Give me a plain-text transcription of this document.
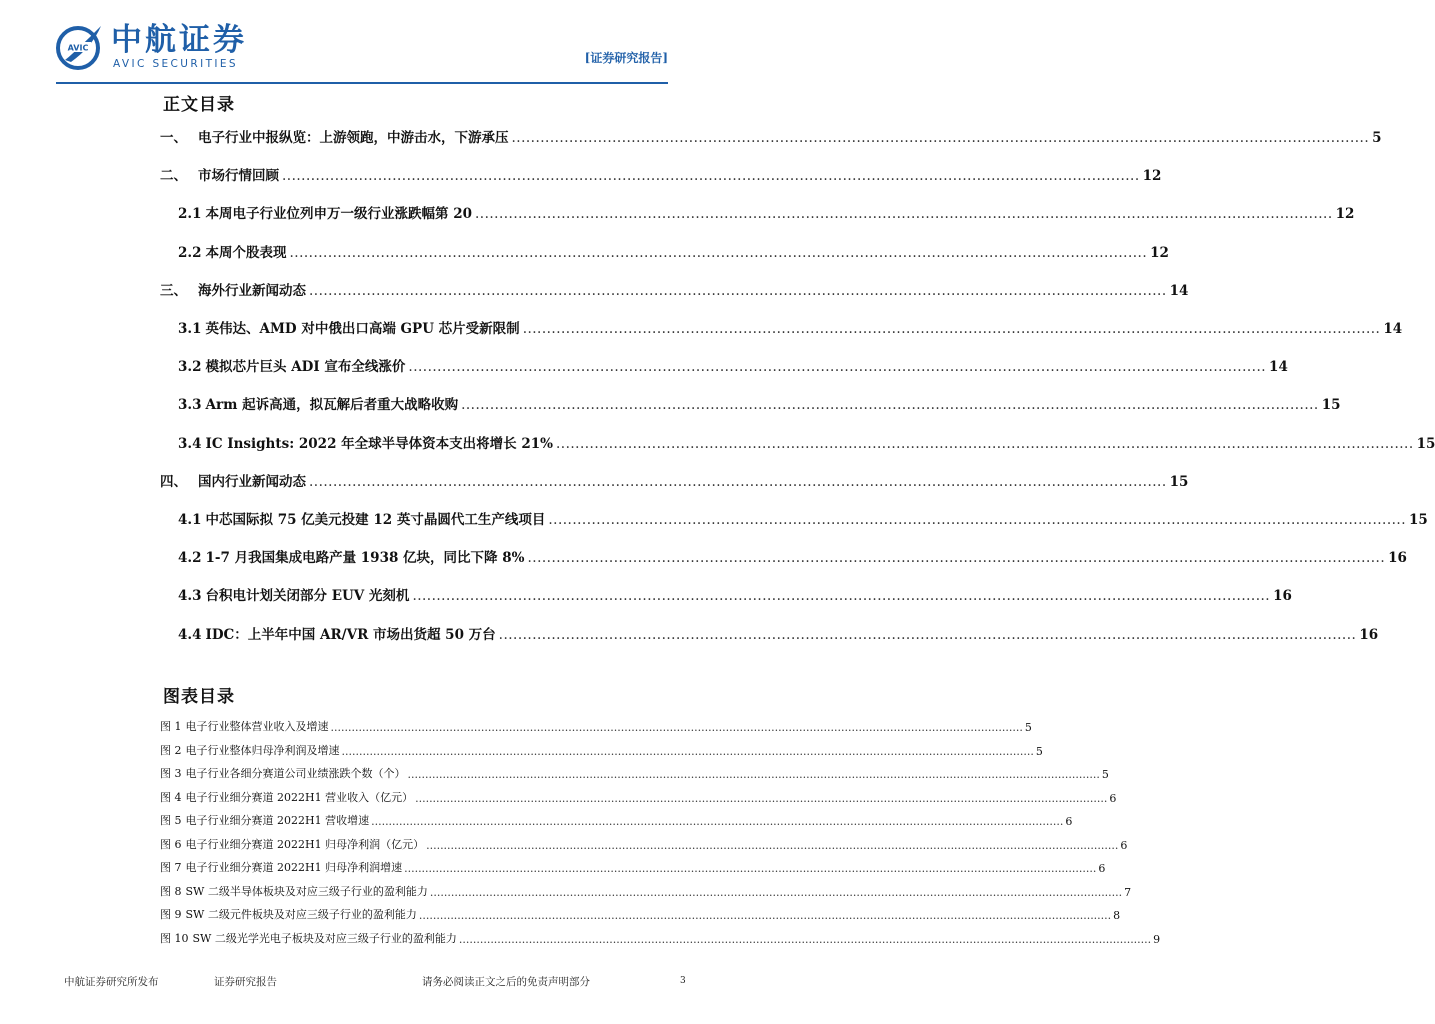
AVIC 中航证券
AVIC SECURITIES	[证券研究报告]
正文目录
一、 电子行业中报纵览：上游领跑，中游击水，下游承压 ................................................................................................................................................................................... 5
二、 市场行情回顾 ................................................................................................................................................................................... 12
2.1 本周电子行业位列申万一级行业涨跌幅第 20 ................................................................................................................................................................................... 12
2.2 本周个股表现 ................................................................................................................................................................................... 12
三、 海外行业新闻动态 ................................................................................................................................................................................... 14
3.1 英伟达、AMD 对中俄出口高端 GPU 芯片受新限制 ................................................................................................................................................................................... 14
3.2 模拟芯片巨头 ADI 宣布全线涨价 ................................................................................................................................................................................... 14
3.3 Arm 起诉高通，拟瓦解后者重大战略收购 ................................................................................................................................................................................... 15
3.4 IC Insights: 2022 年全球半导体资本支出将增长 21% ................................................................................................................................................................................... 15
四、 国内行业新闻动态 ................................................................................................................................................................................... 15
4.1 中芯国际拟 75 亿美元投建 12 英寸晶圆代工生产线项目 ................................................................................................................................................................................... 15
4.2 1-7 月我国集成电路产量 1938 亿块，同比下降 8% ................................................................................................................................................................................... 16
4.3 台积电计划关闭部分 EUV 光刻机 ................................................................................................................................................................................... 16
4.4 IDC：上半年中国 AR/VR 市场出货超 50 万台 ................................................................................................................................................................................... 16
图表目录
图 1 电子行业整体营业收入及增速 ...................................................................................................................................................................................................... 5
图 2 电子行业整体归母净利润及增速 ...................................................................................................................................................................................................... 5
图 3 电子行业各细分赛道公司业绩涨跌个数（个） ...................................................................................................................................................................................................... 5
图 4 电子行业细分赛道 2022H1 营业收入（亿元） ...................................................................................................................................................................................................... 6
图 5 电子行业细分赛道 2022H1 营收增速 ...................................................................................................................................................................................................... 6
图 6 电子行业细分赛道 2022H1 归母净利润（亿元） ...................................................................................................................................................................................................... 6
图 7 电子行业细分赛道 2022H1 归母净利润增速 ...................................................................................................................................................................................................... 6
图 8 SW 二级半导体板块及对应三级子行业的盈利能力 ...................................................................................................................................................................................................... 7
图 9 SW 二级元件板块及对应三级子行业的盈利能力 ...................................................................................................................................................................................................... 8
图 10 SW 二级光学光电子板块及对应三级子行业的盈利能力 ...................................................................................................................................................................................................... 9
中航证券研究所发布	证券研究报告	请务必阅读正文之后的免责声明部分	3
